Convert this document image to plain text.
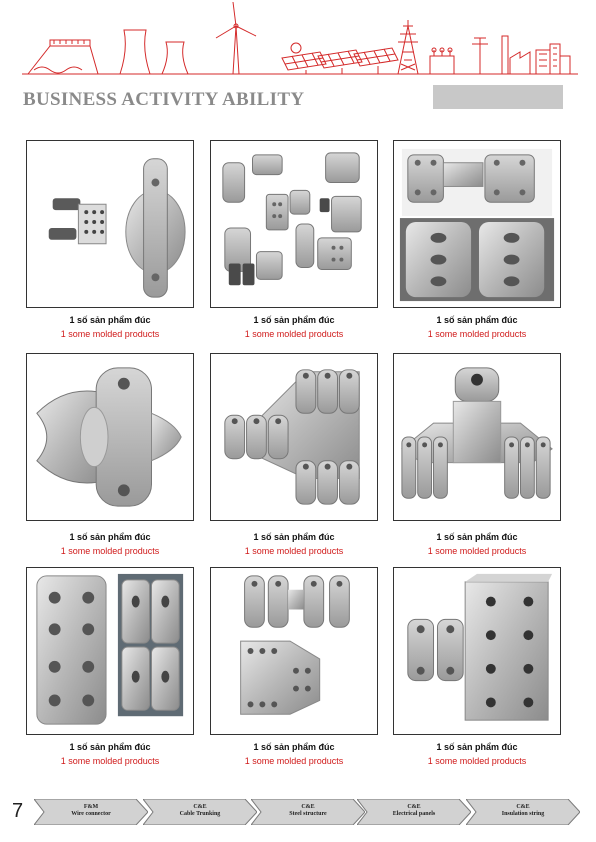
BUSINESS ACTIVITY ABILITY
1 số sản phẩm đúc
1 some molded products
1 số sản phẩm đúc
1 some molded products
1 số sản phẩm đúc
1 some molded products
1 số sản phẩm đúc
1 some molded products
1 số sản phẩm đúc
1 some molded products
1 số sản phẩm đúc
1 some molded products
1 số sản phẩm đúc
1 some molded products
1 số sản phẩm đúc
1 some molded products
1 số sản phẩm đúc
1 some molded products
7	F&M
Wire connector
C&E
Cable Trunking
C&E
Steel structure
C&E
Electrical panels
C&E
Insulation string
